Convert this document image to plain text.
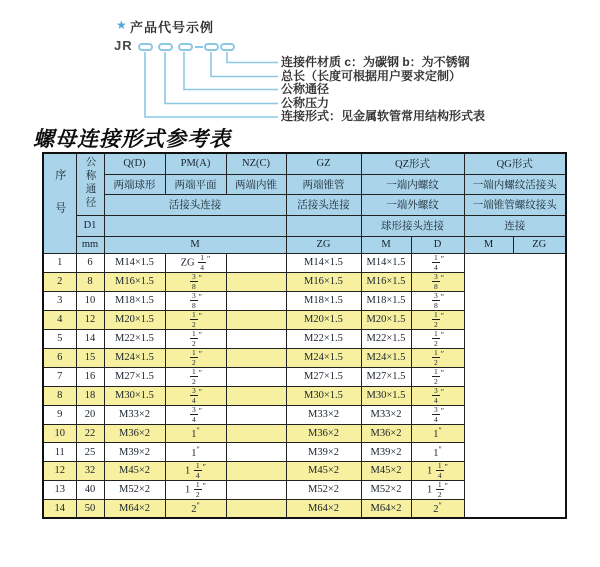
★ 产品代号示例
JR
连接件材质 c：为碳钢 b：为不锈钢
总长（长度可根据用户要求定制）
公称通径
公称压力
连接形式：见金属软管常用结构形式表
螺母连接形式参考表
序号	公称通径	Q(D)	PM(A)	NZ(C)	GZ	QZ形式		QG形式	
		两端球形	两端平面	两端内锥	两端锥管	一端内螺纹		一端内螺纹活接头	
		活接头连接			活接头连接	一端外螺纹		一端锥管螺纹接头	
	D1					球形接头连接		连接	
	mm	M			ZG	M	D	M	ZG
1	6	M14×1.5	ZG $\frac{1}{4} ''$		M14×1.5	M14×1.5	$\frac{1}{4} ''$
2	8	M16×1.5	$\frac{3}{8} ''$		M16×1.5	M16×1.5	$\frac{3}{8} ''$
3	10	M18×1.5	$\frac{3}{8} ''$		M18×1.5	M18×1.5	$\frac{3}{8} ''$
4	12	M20×1.5	$\frac{1}{2} ''$		M20×1.5	M20×1.5	$\frac{1}{2} ''$
5	14	M22×1.5	$\frac{1}{2} ''$		M22×1.5	M22×1.5	$\frac{1}{2} ''$
6	15	M24×1.5	$\frac{1}{2} ''$		M24×1.5	M24×1.5	$\frac{1}{2} ''$
7	16	M27×1.5	$\frac{1}{2} ''$		M27×1.5	M27×1.5	$\frac{1}{2} ''$
8	18	M30×1.5	$\frac{3}{4} ''$		M30×1.5	M30×1.5	$\frac{3}{4} ''$
9	20	M33×2	$\frac{3}{4} ''$		M33×2	M33×2	$\frac{3}{4} ''$
10	22	M36×2	1″		M36×2	M36×2	1″
11	25	M39×2	1″		M39×2	M39×2	1″
12	32	M45×2	$1 \frac{1}{4} ''$		M45×2	M45×2	$1 \frac{1}{4} ''$
13	40	M52×2	$1 \frac{1}{2} ''$		M52×2	M52×2	$1 \frac{1}{2} ''$
14	50	M64×2	2″		M64×2	M64×2	2″
